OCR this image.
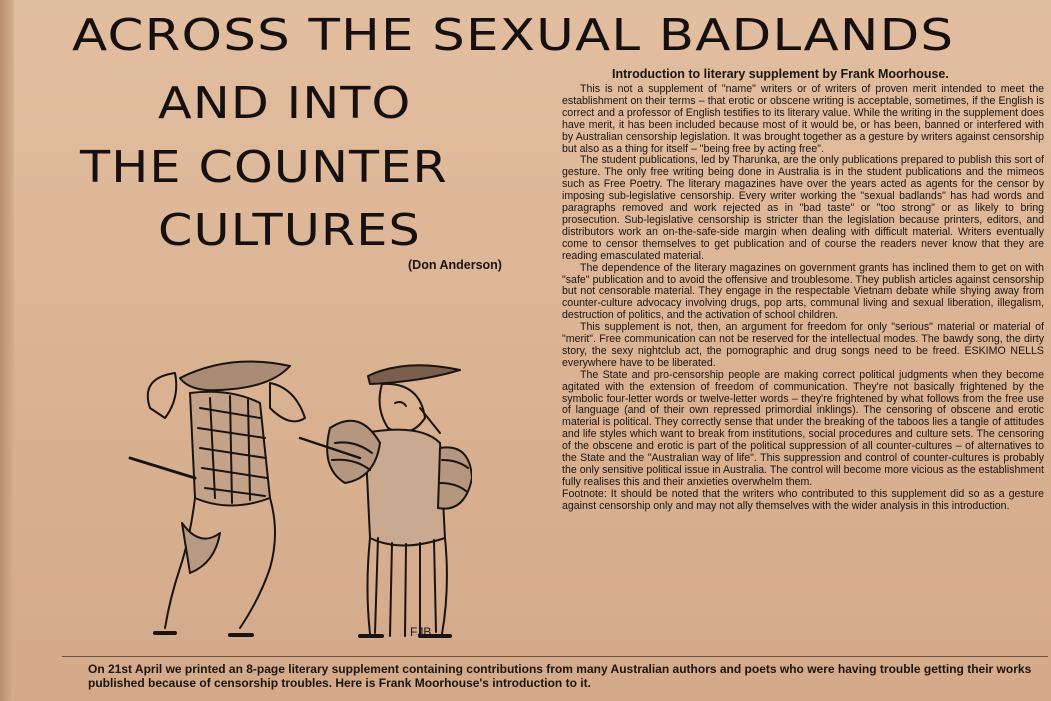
ACROSS THE SEXUAL BADLANDS
AND INTO
THE COUNTER
CULTURES
(Don Anderson)
Introduction to literary supplement by Frank Moorhouse.

This is not a supplement of "name" writers or of writers of proven merit intended to meet the establishment on their terms – that erotic or obscene writing is acceptable, sometimes, if the English is correct and a professor of English testifies to its literary value. While the writing in the supplement does have merit, it has been included because most of it would be, or has been, banned or interfered with by Australian censorship legislation. It was brought together as a gesture by writers against censorship but also as a thing for itself – "being free by acting free".

The student publications, led by Tharunka, are the only publications prepared to publish this sort of gesture. The only free writing being done in Australia is in the student publications and the mimeos such as Free Poetry. The literary magazines have over the years acted as agents for the censor by imposing sub-legislative censorship. Every writer working the "sexual badlands" has had words and paragraphs removed and work rejected as in "bad taste" or "too strong" or as likely to bring prosecution. Sub-legislative censorship is stricter than the legislation because printers, editors, and distributors work an on-the-safe-side margin when dealing with difficult material. Writers eventually come to censor themselves to get publication and of course the readers never know that they are reading emasculated material.

The dependence of the literary magazines on government grants has inclined them to get on with "safe" publication and to avoid the offensive and troublesome. They publish articles against censorship but not censorable material. They engage in the respectable Vietnam debate while shying away from counter-culture advocacy involving drugs, pop arts, communal living and sexual liberation, illegalism, destruction of politics, and the activation of school children.

This supplement is not, then, an argument for freedom for only "serious" material or material of "merit". Free communication can not be reserved for the intellectual modes. The bawdy song, the dirty story, the sexy nightclub act, the pornographic and drug songs need to be freed. ESKIMO NELLS everywhere have to be liberated.

The State and pro-censorship people are making correct political judgments when they become agitated with the extension of freedom of communication. They're not basically frightened by the symbolic four-letter words or twelve-letter words – they're frightened by what follows from the free use of language (and of their own repressed primordial inklings). The censoring of obscene and erotic material is political. They correctly sense that under the breaking of the taboos lies a tangle of attitudes and life styles which want to break from institutions, social procedures and culture sets. The censoring of the obscene and erotic is part of the political suppression of all counter-cultures – of alternatives to the State and the "Australian way of life". This suppression and control of counter-cultures is probably the only sensitive political issue in Australia. The control will become more vicious as the establishment fully realises this and their anxieties overwhelm them.

Footnote: It should be noted that the writers who contributed to this supplement did so as a gesture against censorship only and may not ally themselves with the wider analysis in this introduction.

FJB
On 21st April we printed an 8-page literary supplement containing contributions from many Australian authors and poets who were having trouble getting their works published because of censorship troubles. Here is Frank Moorhouse's introduction to it.
